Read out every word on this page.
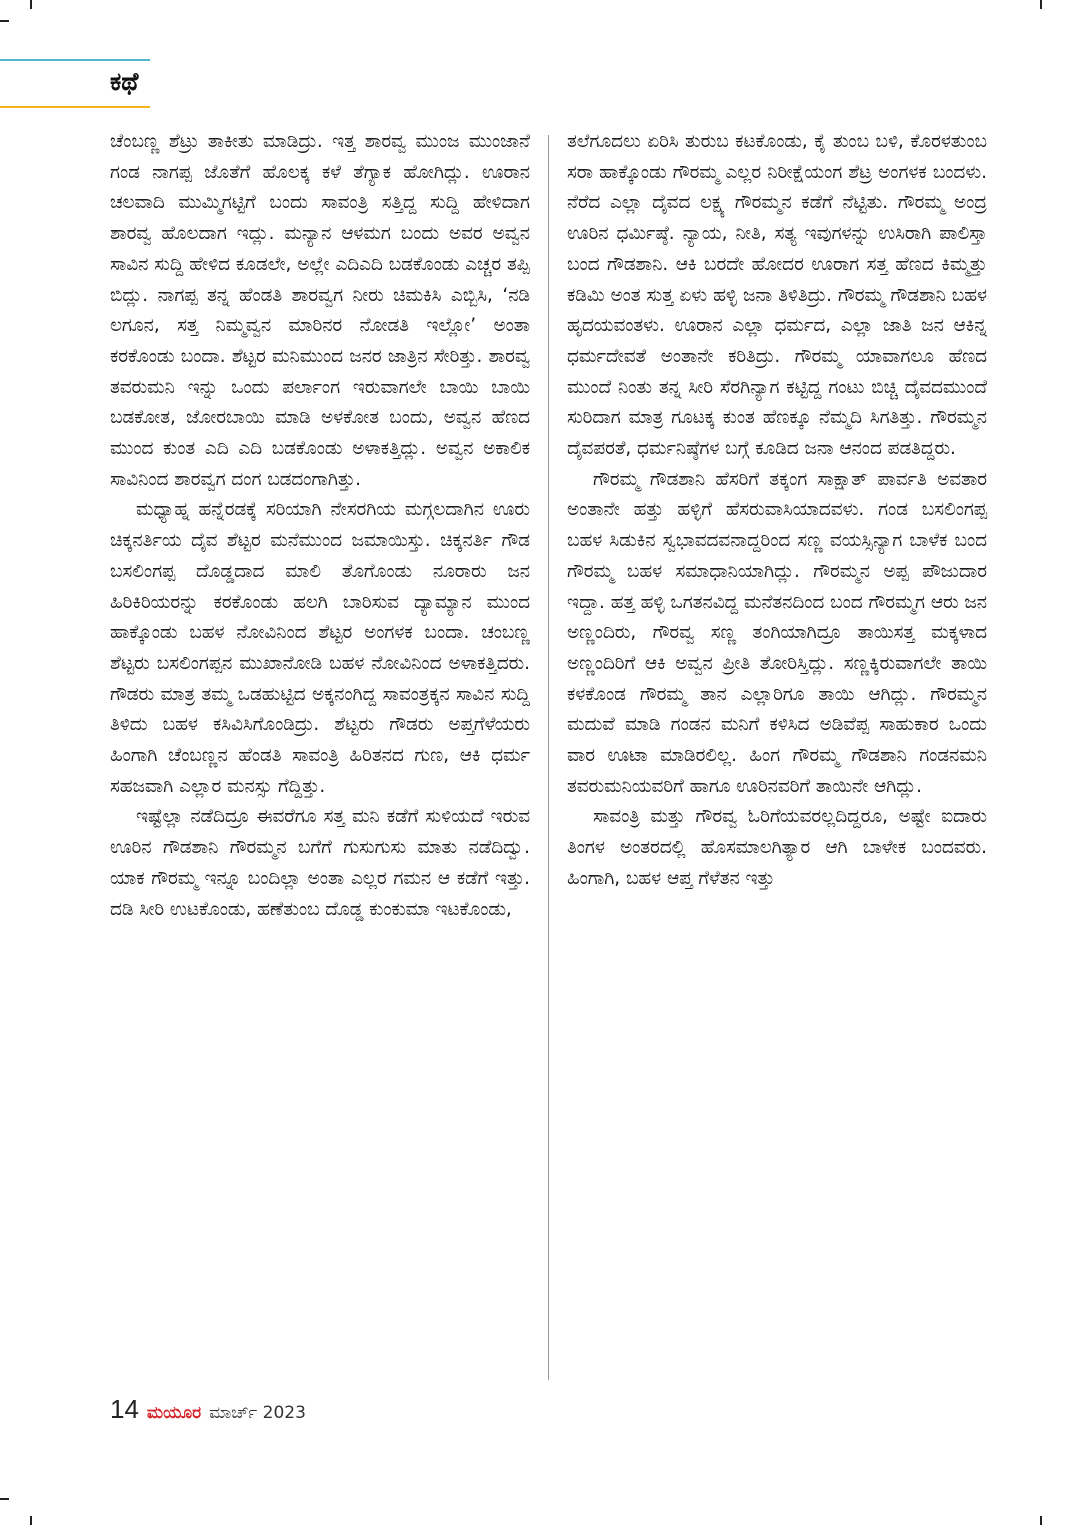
ಕಥೆ

ಚೆಂಬಣ್ಣ ಶೆಟ್ರು ತಾಕೀತು ಮಾಡಿದ್ರು. ಇತ್ತ ಶಾರವ್ವ ಮುಂಜ ಮುಂಜಾನೆ ಗಂಡ ನಾಗಪ್ಪ ಜೊತೆಗೆ ಹೊಲಕ್ಕ ಕಳೆ ತೆಗ್ಯಾಕ ಹೋಗಿದ್ಲು. ಊರಾನ ಚಲವಾದಿ ಮುಮ್ಮಿಗಟ್ಟಿಗೆ ಬಂದು ಸಾವಂತ್ರಿ ಸತ್ತಿದ್ದ ಸುದ್ದಿ ಹೇಳಿದಾಗ ಶಾರವ್ವ ಹೊಲದಾಗ ಇದ್ಲು. ಮನ್ಯಾನ ಆಳಮಗ ಬಂದು ಅವರ ಅವ್ವನ ಸಾವಿನ ಸುದ್ದಿ ಹೇಳಿದ ಕೂಡಲೇ, ಅಲ್ಲೇ ಎದಿಎದಿ ಬಡಕೊಂಡು ಎಚ್ಚರ ತಪ್ಪಿ ಬಿದ್ಲು. ನಾಗಪ್ಪ ತನ್ನ ಹೆಂಡತಿ ಶಾರವ್ವಗ ನೀರು ಚಿಮಕಿಸಿ ಎಬ್ಬಿಸಿ, ‘ನಡಿ ಲಗೂನ, ಸತ್ತ ನಿಮ್ಮವ್ವನ ಮಾರಿನರ ನೋಡತಿ ಇಲ್ಲೋ’ ಅಂತಾ ಕರಕೊಂಡು ಬಂದಾ. ಶೆಟ್ಟರ ಮನಿಮುಂದ ಜನರ ಜಾತ್ರಿನ ಸೇರಿತ್ತು. ಶಾರವ್ವ ತವರುಮನಿ ಇನ್ನು ಒಂದು ಪರ್ಲಾಂಗ ಇರುವಾಗಲೇ ಬಾಯಿ ಬಾಯಿ ಬಡಕೋತ, ಜೋರಬಾಯಿ ಮಾಡಿ ಅಳಕೋತ ಬಂದು, ಅವ್ವನ ಹೆಣದ ಮುಂದ ಕುಂತ ಎದಿ ಎದಿ ಬಡಕೊಂಡು ಅಳಾಕತ್ತಿದ್ಲು. ಅವ್ವನ ಅಕಾಲಿಕ ಸಾವಿನಿಂದ ಶಾರವ್ವಗ ದಂಗ ಬಡದಂಗಾಗಿತ್ತು.

ಮಧ್ಯಾಹ್ನ ಹನ್ನೆರಡಕ್ಕೆ ಸರಿಯಾಗಿ ನೇಸರಗಿಯ ಮಗ್ಗಲದಾಗಿನ ಊರು ಚಿಕ್ಕನರ್ತಿಯ ದೈವ ಶೆಟ್ಟರ ಮನೆಮುಂದ ಜಮಾಯಿಸ್ತು. ಚಿಕ್ಕನರ್ತಿ ಗೌಡ ಬಸಲಿಂಗಪ್ಪ ದೊಡ್ಡದಾದ ಮಾಲಿ ತೊಗೊಂಡು ನೂರಾರು ಜನ ಹಿರಿಕಿರಿಯರನ್ನು ಕರಕೊಂಡು ಹಲಗಿ ಬಾರಿಸುವ ದ್ಯಾಮ್ಯಾನ ಮುಂದ ಹಾಕ್ಕೊಂಡು ಬಹಳ ನೋವಿನಿಂದ ಶೆಟ್ಟರ ಅಂಗಳಕ ಬಂದಾ. ಚಂಬಣ್ಣ ಶೆಟ್ಟರು ಬಸಲಿಂಗಪ್ಪನ ಮುಖಾನೋಡಿ ಬಹಳ ನೋವಿನಿಂದ ಅಳಾಕತ್ತಿದರು. ಗೌಡರು ಮಾತ್ರ ತಮ್ಮ ಒಡಹುಟ್ಟಿದ ಅಕ್ಕನಂಗಿದ್ದ ಸಾವಂತ್ರಕ್ಕನ ಸಾವಿನ ಸುದ್ದಿ ತಿಳಿದು ಬಹಳ ಕಸಿವಿಸಿಗೊಂಡಿದ್ರು. ಶೆಟ್ಟರು ಗೌಡರು ಅಪ್ತಗೆಳೆಯರು ಹಿಂಗಾಗಿ ಚೆಂಬಣ್ಣನ ಹೆಂಡತಿ ಸಾವಂತ್ರಿ ಹಿರಿತನದ ಗುಣ, ಆಕಿ ಧರ್ಮ ಸಹಜವಾಗಿ ಎಲ್ಲಾರ ಮನಸ್ಸು ಗೆದ್ದಿತ್ತು.

ಇಷ್ಟೆಲ್ಲಾ ನಡೆದಿದ್ರೂ ಈವರೆಗೂ ಸತ್ತ ಮನಿ ಕಡೆಗೆ ಸುಳಿಯದೆ ಇರುವ ಊರಿನ ಗೌಡಶಾನಿ ಗೌರಮ್ಮನ ಬಗೆಗೆ ಗುಸುಗುಸು ಮಾತು ನಡೆದಿದ್ವು. ಯಾಕ ಗೌರಮ್ಮ ಇನ್ನೂ ಬಂದಿಲ್ಲಾ ಅಂತಾ ಎಲ್ಲರ ಗಮನ ಆ ಕಡೆಗೆ ಇತ್ತು. ದಡಿ ಸೀರಿ ಉಟಕೊಂಡು, ಹಣೆತುಂಬ ದೊಡ್ಡ ಕುಂಕುಮಾ ಇಟಕೊಂಡು,

ತಲೆಗೂದಲು ಏರಿಸಿ ತುರುಬ ಕಟಕೊಂಡು, ಕೈ ತುಂಬ ಬಳಿ, ಕೊರಳತುಂಬ ಸರಾ ಹಾಕ್ಕೊಂಡು ಗೌರಮ್ಮ ಎಲ್ಲರ ನಿರೀಕ್ಷೆಯಂಗ ಶೆಟ್ರ ಅಂಗಳಕ ಬಂದಳು. ನೆರೆದ ಎಲ್ಲಾ ದೈವದ ಲಕ್ಷ್ಯ ಗೌರಮ್ಮನ ಕಡೆಗೆ ನೆಟ್ಟಿತು. ಗೌರಮ್ಮ ಅಂದ್ರ ಊರಿನ ಧರ್ಮಿಷ್ಠೆ. ನ್ಯಾಯ, ನೀತಿ, ಸತ್ಯ ಇವುಗಳನ್ನು ಉಸಿರಾಗಿ ಪಾಲಿಸ್ತಾ ಬಂದ ಗೌಡಶಾನಿ. ಆಕಿ ಬರದೇ ಹೋದರ ಊರಾಗ ಸತ್ತ ಹೆಣದ ಕಿಮ್ಮತ್ತು ಕಡಿಮಿ ಅಂತ ಸುತ್ತ ಏಳು ಹಳ್ಳಿ ಜನಾ ತಿಳಿತಿದ್ರು. ಗೌರಮ್ಮ ಗೌಡಶಾನಿ ಬಹಳ ಹೃದಯವಂತಳು. ಊರಾನ ಎಲ್ಲಾ ಧರ್ಮದ, ಎಲ್ಲಾ ಜಾತಿ ಜನ ಆಕಿನ್ನ ಧರ್ಮದೇವತೆ ಅಂತಾನೇ ಕರಿತಿದ್ರು. ಗೌರಮ್ಮ ಯಾವಾಗಲೂ ಹೆಣದ ಮುಂದೆ ನಿಂತು ತನ್ನ ಸೀರಿ ಸೆರಗಿನ್ಯಾಗ ಕಟ್ಟಿದ್ದ ಗಂಟು ಬಿಚ್ಚಿ ದೈವದಮುಂದೆ ಸುರಿದಾಗ ಮಾತ್ರ ಗೂಟಕ್ಕ ಕುಂತ ಹೆಣಕ್ಕೂ ನೆಮ್ಮದಿ ಸಿಗತಿತ್ತು. ಗೌರಮ್ಮನ ದೈವಪರತೆ, ಧರ್ಮನಿಷ್ಠೆಗಳ ಬಗ್ಗೆ ಕೂಡಿದ ಜನಾ ಆನಂದ ಪಡತಿದ್ದರು.

ಗೌರಮ್ಮ ಗೌಡಶಾನಿ ಹೆಸರಿಗೆ ತಕ್ಕಂಗ ಸಾಕ್ಷಾತ್ ಪಾರ್ವತಿ ಅವತಾರ ಅಂತಾನೇ ಹತ್ತು ಹಳ್ಳಿಗೆ ಹೆಸರುವಾಸಿಯಾದವಳು. ಗಂಡ ಬಸಲಿಂಗಪ್ಪ ಬಹಳ ಸಿಡುಕಿನ ಸ್ವಭಾವದವನಾದ್ದರಿಂದ ಸಣ್ಣ ವಯಸ್ಸಿನ್ಯಾಗ ಬಾಳೆಕ ಬಂದ ಗೌರಮ್ಮ ಬಹಳ ಸಮಾಧಾನಿಯಾಗಿದ್ಲು. ಗೌರಮ್ಮನ ಅಪ್ಪ ಪೌಜುದಾರ ಇದ್ದಾ. ಹತ್ತ ಹಳ್ಳಿ ಒಗತನವಿದ್ದ ಮನೆತನದಿಂದ ಬಂದ ಗೌರಮ್ಮಗ ಆರು ಜನ ಅಣ್ಣಂದಿರು, ಗೌರವ್ವ ಸಣ್ಣ ತಂಗಿಯಾಗಿದ್ರೂ ತಾಯಿಸತ್ತ ಮಕ್ಕಳಾದ ಅಣ್ಣಂದಿರಿಗೆ ಆಕಿ ಅವ್ವನ ಪ್ರೀತಿ ತೋರಿಸ್ತಿದ್ಲು. ಸಣ್ಣಕ್ಕಿರುವಾಗಲೇ ತಾಯಿ ಕಳಕೊಂಡ ಗೌರಮ್ಮ ತಾನ ಎಲ್ಲಾರಿಗೂ ತಾಯಿ ಆಗಿದ್ಲು. ಗೌರಮ್ಮನ ಮದುವೆ ಮಾಡಿ ಗಂಡನ ಮನಿಗೆ ಕಳಿಸಿದ ಅಡಿವೆಪ್ಪ ಸಾಹುಕಾರ ಒಂದು ವಾರ ಊಟಾ ಮಾಡಿರಲಿಲ್ಲ. ಹಿಂಗ ಗೌರಮ್ಮ ಗೌಡಶಾನಿ ಗಂಡನಮನಿ ತವರುಮನಿಯವರಿಗೆ ಹಾಗೂ ಊರಿನವರಿಗೆ ತಾಯಿನೇ ಆಗಿದ್ಲು.

ಸಾವಂತ್ರಿ ಮತ್ತು ಗೌರವ್ವ ಓರಿಗೆಯವರಲ್ಲದಿದ್ದರೂ, ಅಷ್ಟೇ ಐದಾರು ತಿಂಗಳ ಅಂತರದಲ್ಲಿ ಹೊಸಮಾಲಗಿತ್ಯಾರ ಆಗಿ ಬಾಳೇಕ ಬಂದವರು. ಹಿಂಗಾಗಿ, ಬಹಳ ಆಪ್ತ ಗೆಳೆತನ ಇತ್ತು

14 ಮಯೂರ ಮಾರ್ಚ್ 2023
